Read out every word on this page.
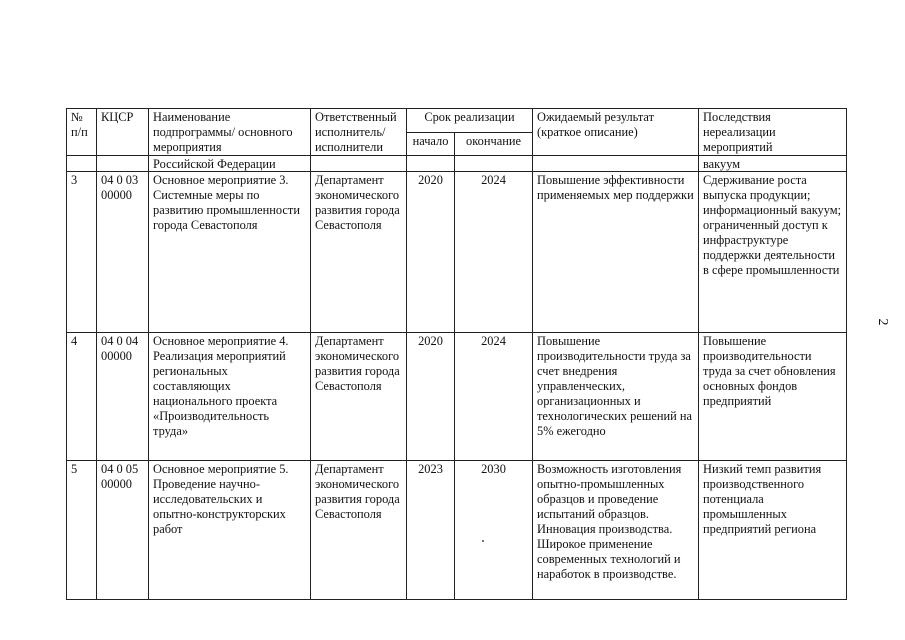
№ п/п	КЦСР	Наименование подпрограммы/ основного мероприятия	Ответственный исполнитель/ исполнители	Срок реализации		Ожидаемый результат (краткое описание)	Последствия нереализации мероприятий
				начало	окончание		
		Российской Федерации					вакуум
3	04 0 03 00000	Основное мероприятие 3. Системные меры по развитию промышленности города Севастополя	Департамент экономического развития города Севастополя	2020	2024	Повышение эффективности применяемых мер поддержки	Сдерживание роста выпуска продукции; информационный вакуум; ограниченный доступ к инфраструктуре поддержки деятельности в сфере промышленности
4	04 0 04 00000	Основное мероприятие 4. Реализация мероприятий региональных составляющих национального проекта «Производительность труда»	Департамент экономического развития города Севастополя	2020	2024	Повышение производительности труда за счет внедрения управленческих, организационных и технологических решений на 5% ежегодно	Повышение производительности труда за счет обновления основных фондов предприятий
5	04 0 05 00000	Основное мероприятие 5. Проведение научно-исследовательских и опытно-конструкторских работ	Департамент экономического развития города Севастополя	2023	2030	Возможность изготовления опытно-промышленных образцов и проведение испытаний образцов. Инновация производства. Широкое применение современных технологий и наработок в производстве.	Низкий темп развития производственного потенциала промышленных предприятий региона
2
